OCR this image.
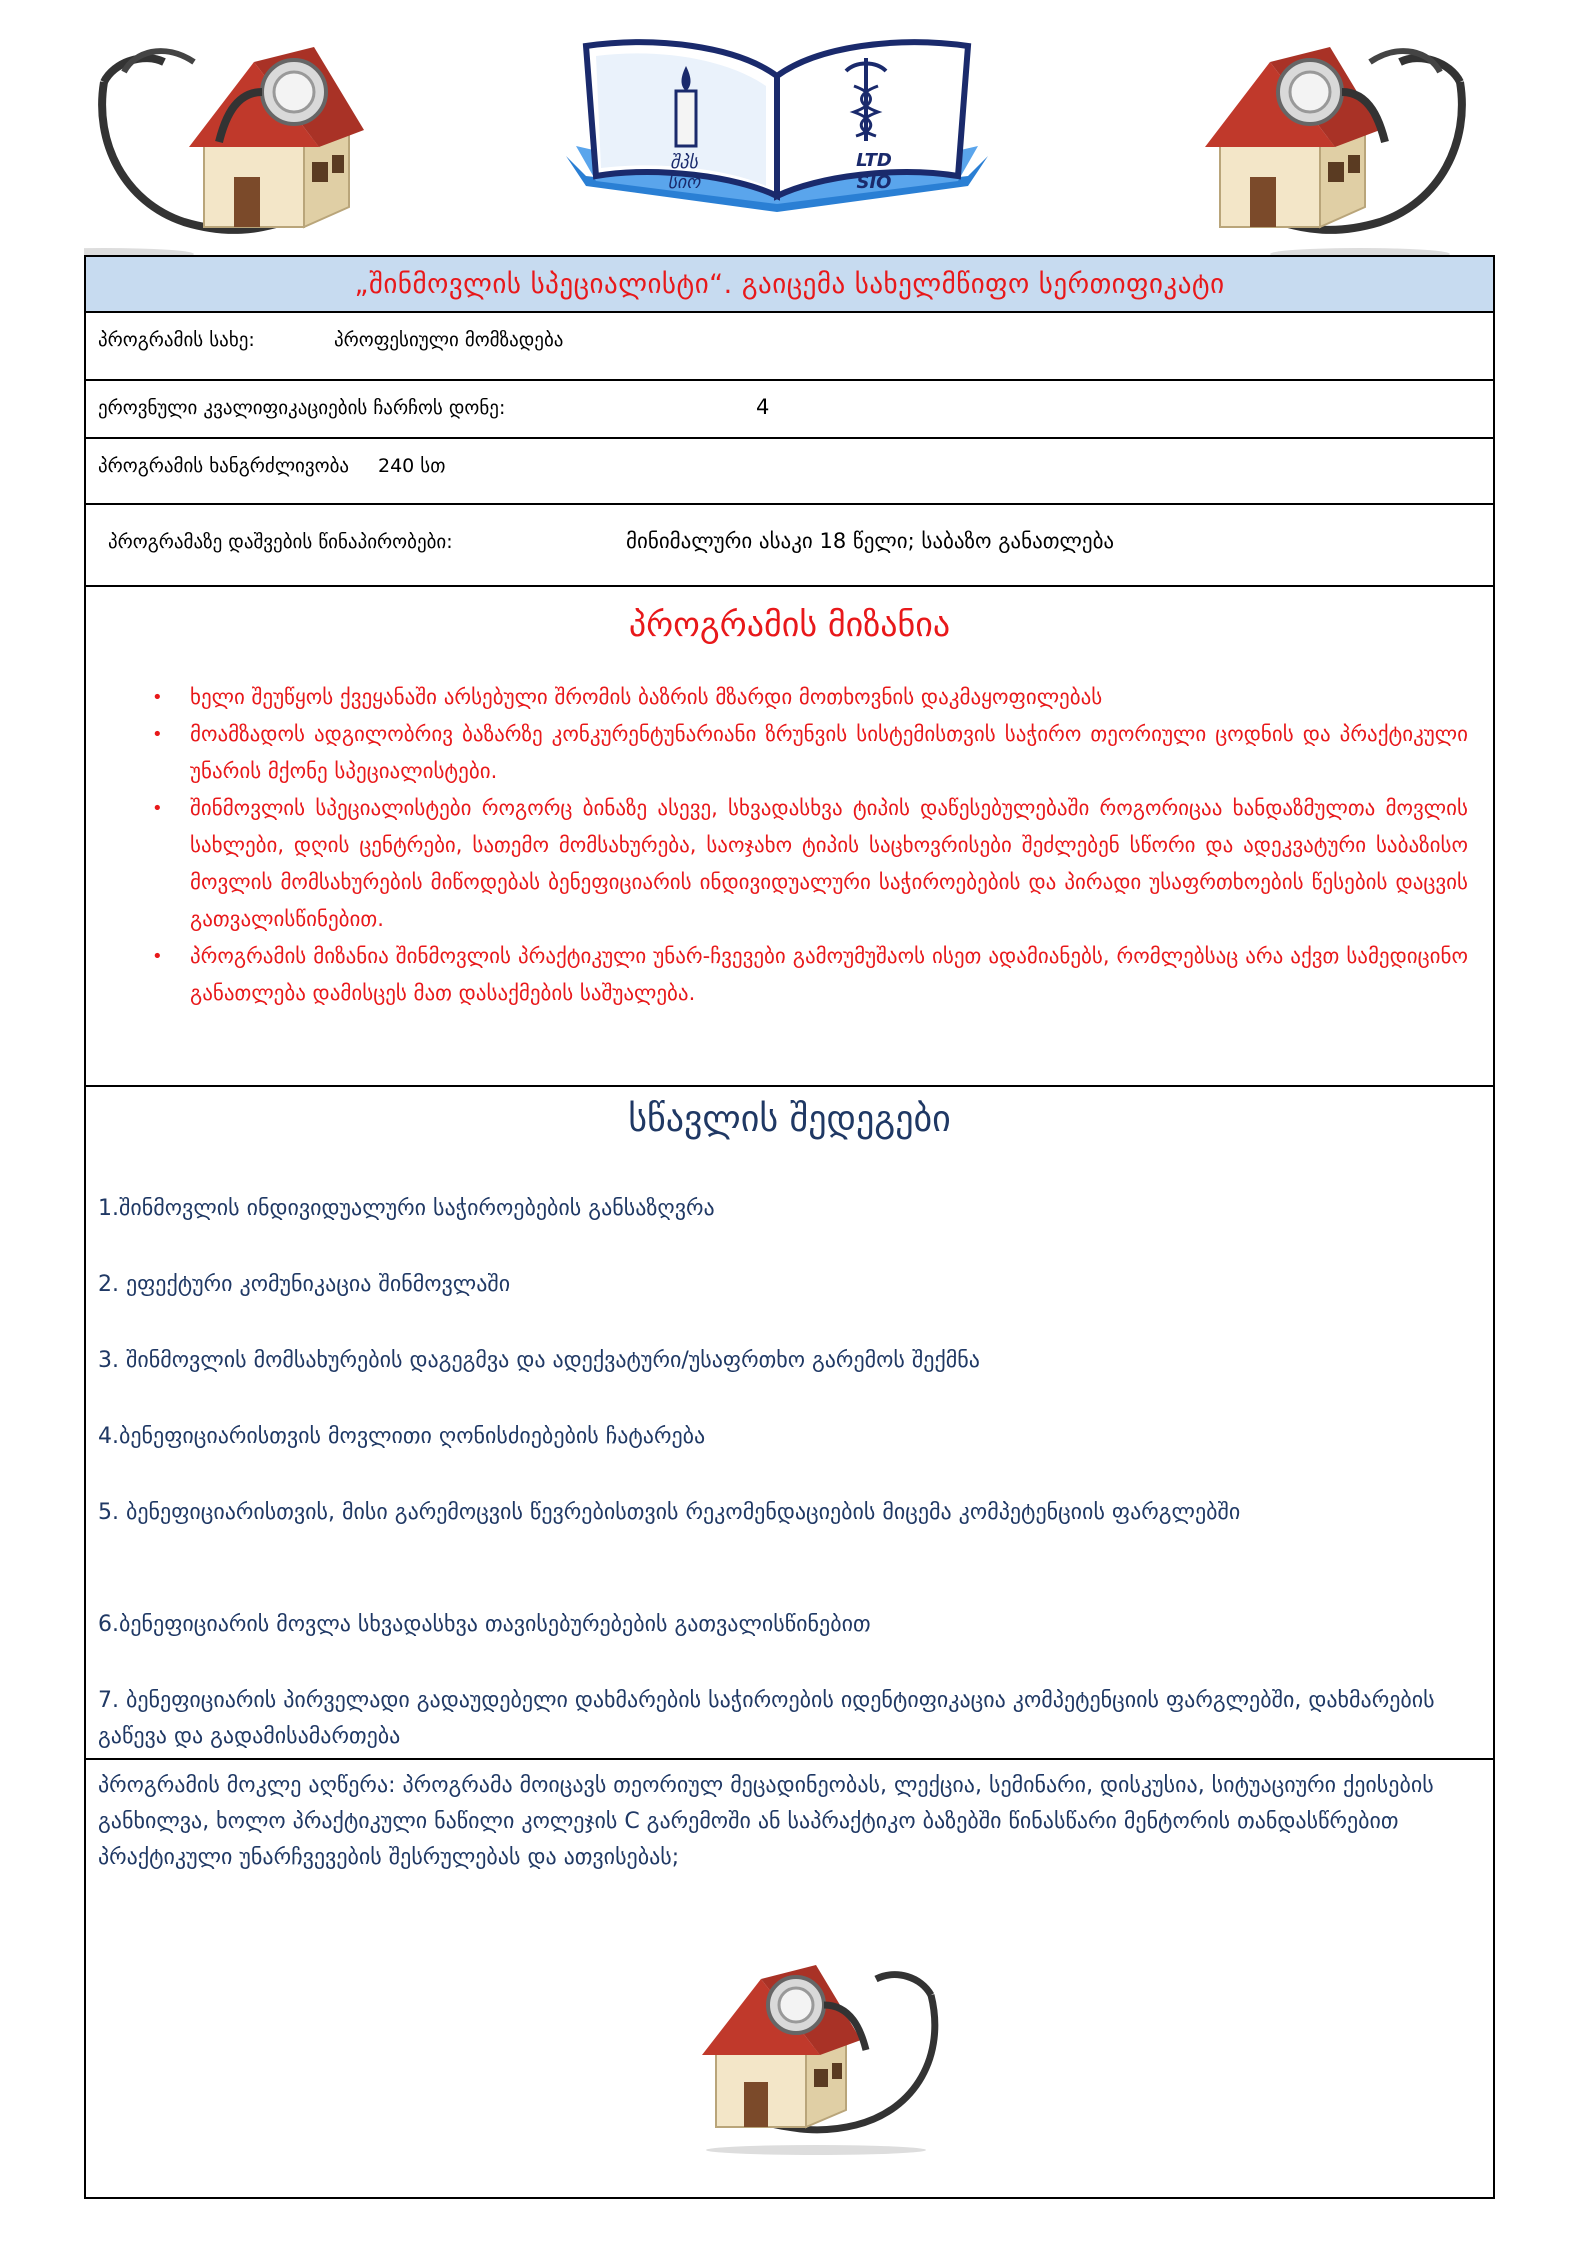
შპს
სიო
LTD
SIO
„შინმოვლის სპეციალისტი“. გაიცემა სახელმწიფო სერთიფიკატი
პროგრამის სახე:	პროფესიული მომზადება
ეროვნული კვალიფიკაციების ჩარჩოს დონე:	4
პროგრამის ხანგრძლივობა 240 სთ
პროგრამაზე დაშვების წინაპირობები:	მინიმალური ასაკი 18 წელი; საბაზო განათლება
პროგრამის მიზანია
• ხელი შეუწყოს ქვეყანაში არსებული შრომის ბაზრის მზარდი მოთხოვნის დაკმაყოფილებას
• მოამზადოს ადგილობრივ ბაზარზე კონკურენტუნარიანი ზრუნვის სისტემისთვის საჭირო თეორიული ცოდნის და პრაქტიკული უნარის მქონე სპეციალისტები.
• შინმოვლის სპეციალისტები როგორც ბინაზე ასევე, სხვადასხვა ტიპის დაწესებულებაში როგორიცაა ხანდაზმულთა მოვლის სახლები, დღის ცენტრები, სათემო მომსახურება, საოჯახო ტიპის საცხოვრისები შეძლებენ სწორი და ადეკვატური საბაზისო მოვლის მომსახურების მიწოდებას ბენეფიციარის ინდივიდუალური საჭიროებების და პირადი უსაფრთხოების წესების დაცვის გათვალისწინებით.
• პროგრამის მიზანია შინმოვლის პრაქტიკული უნარ-ჩვევები გამოუმუშაოს ისეთ ადამიანებს, რომლებსაც არა აქვთ სამედიცინო განათლება დამისცეს მათ დასაქმების საშუალება.
სწავლის შედეგები
1.შინმოვლის ინდივიდუალური საჭიროებების განსაზღვრა
2. ეფექტური კომუნიკაცია შინმოვლაში
3. შინმოვლის მომსახურების დაგეგმვა და ადექვატური/უსაფრთხო გარემოს შექმნა
4.ბენეფიციარისთვის მოვლითი ღონისძიებების ჩატარება
5. ბენეფიციარისთვის, მისი გარემოცვის წევრებისთვის რეკომენდაციების მიცემა კომპეტენციის ფარგლებში
6.ბენეფიციარის მოვლა სხვადასხვა თავისებურებების გათვალისწინებით
7. ბენეფიციარის პირველადი გადაუდებელი დახმარების საჭიროების იდენტიფიკაცია კომპეტენციის ფარგლებში, დახმარების გაწევა და გადამისამართება
პროგრამის მოკლე აღწერა: პროგრამა მოიცავს თეორიულ მეცადინეობას, ლექცია, სემინარი, დისკუსია, სიტუაციური ქეისების განხილვა, ხოლო პრაქტიკული ნაწილი კოლეჯის C გარემოში ან საპრაქტიკო ბაზებში წინასწარი მენტორის თანდასწრებით პრაქტიკული უნარჩვევების შესრულებას და ათვისებას;
